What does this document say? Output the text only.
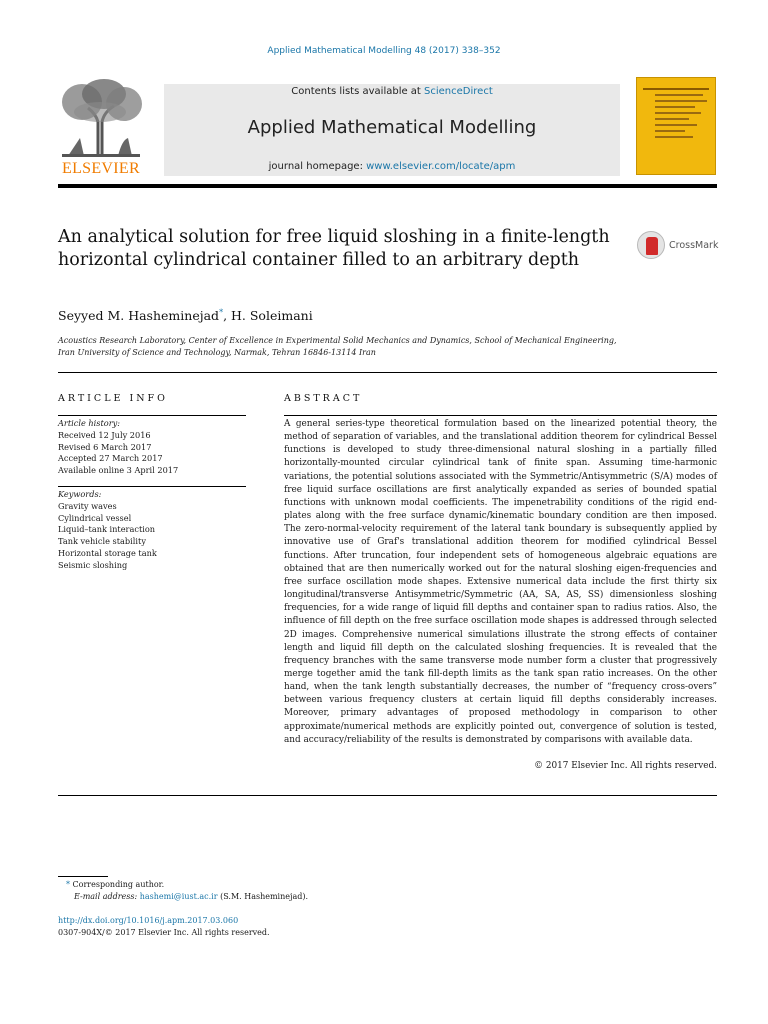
Applied Mathematical Modelling 48 (2017) 338–352
ELSEVIER
Contents lists available at ScienceDirect
Applied Mathematical Modelling
journal homepage: www.elsevier.com/locate/apm
An analytical solution for free liquid sloshing in a finite-length horizontal cylindrical container filled to an arbitrary depth
CrossMark
Seyyed M. Hasheminejad*, H. Soleimani
Acoustics Research Laboratory, Center of Excellence in Experimental Solid Mechanics and Dynamics, School of Mechanical Engineering,
Iran University of Science and Technology, Narmak, Tehran 16846-13114 Iran
ARTICLE INFO
Article history:
Received 12 July 2016
Revised 6 March 2017
Accepted 27 March 2017
Available online 3 April 2017
Keywords:
Gravity waves
Cylindrical vessel
Liquid–tank interaction
Tank vehicle stability
Horizontal storage tank
Seismic sloshing
ABSTRACT

A general series-type theoretical formulation based on the linearized potential theory, the method of separation of variables, and the translational addition theorem for cylindrical Bessel functions is developed to study three-dimensional natural sloshing in a partially filled horizontally-mounted circular cylindrical tank of finite span. Assuming time-harmonic variations, the potential solutions associated with the Symmetric/Antisymmetric (S/A) modes of free liquid surface oscillations are first analytically expanded as series of bounded spatial functions with unknown modal coefficients. The impenetrability conditions of the rigid end-plates along with the free surface dynamic/kinematic boundary condition are then imposed. The zero-normal-velocity requirement of the lateral tank boundary is subsequently applied by innovative use of Graf's translational addition theorem for modified cylindrical Bessel functions. After truncation, four independent sets of homogeneous algebraic equations are obtained that are then numerically worked out for the natural sloshing eigen-frequencies and free surface oscillation mode shapes. Extensive numerical data include the first thirty six longitudinal/transverse Antisymmetric/Symmetric (AA, SA, AS, SS) dimensionless sloshing frequencies, for a wide range of liquid fill depths and container span to radius ratios. Also, the influence of fill depth on the free surface oscillation mode shapes is addressed through selected 2D images. Comprehensive numerical simulations illustrate the strong effects of container length and liquid fill depth on the calculated sloshing frequencies. It is revealed that the frequency branches with the same transverse mode number form a cluster that progressively merge together amid the tank fill-depth limits as the tank span ratio increases. On the other hand, when the tank length substantially decreases, the number of “frequency cross-overs” between various frequency clusters at certain liquid fill depths considerably increases. Moreover, primary advantages of proposed methodology in comparison to other approximate/numerical methods are explicitly pointed out, convergence of solution is tested, and accuracy/reliability of the results is demonstrated by comparisons with available data.

© 2017 Elsevier Inc. All rights reserved.
* Corresponding author.
E-mail address: hashemi@iust.ac.ir (S.M. Hasheminejad).
http://dx.doi.org/10.1016/j.apm.2017.03.060
0307-904X/© 2017 Elsevier Inc. All rights reserved.
